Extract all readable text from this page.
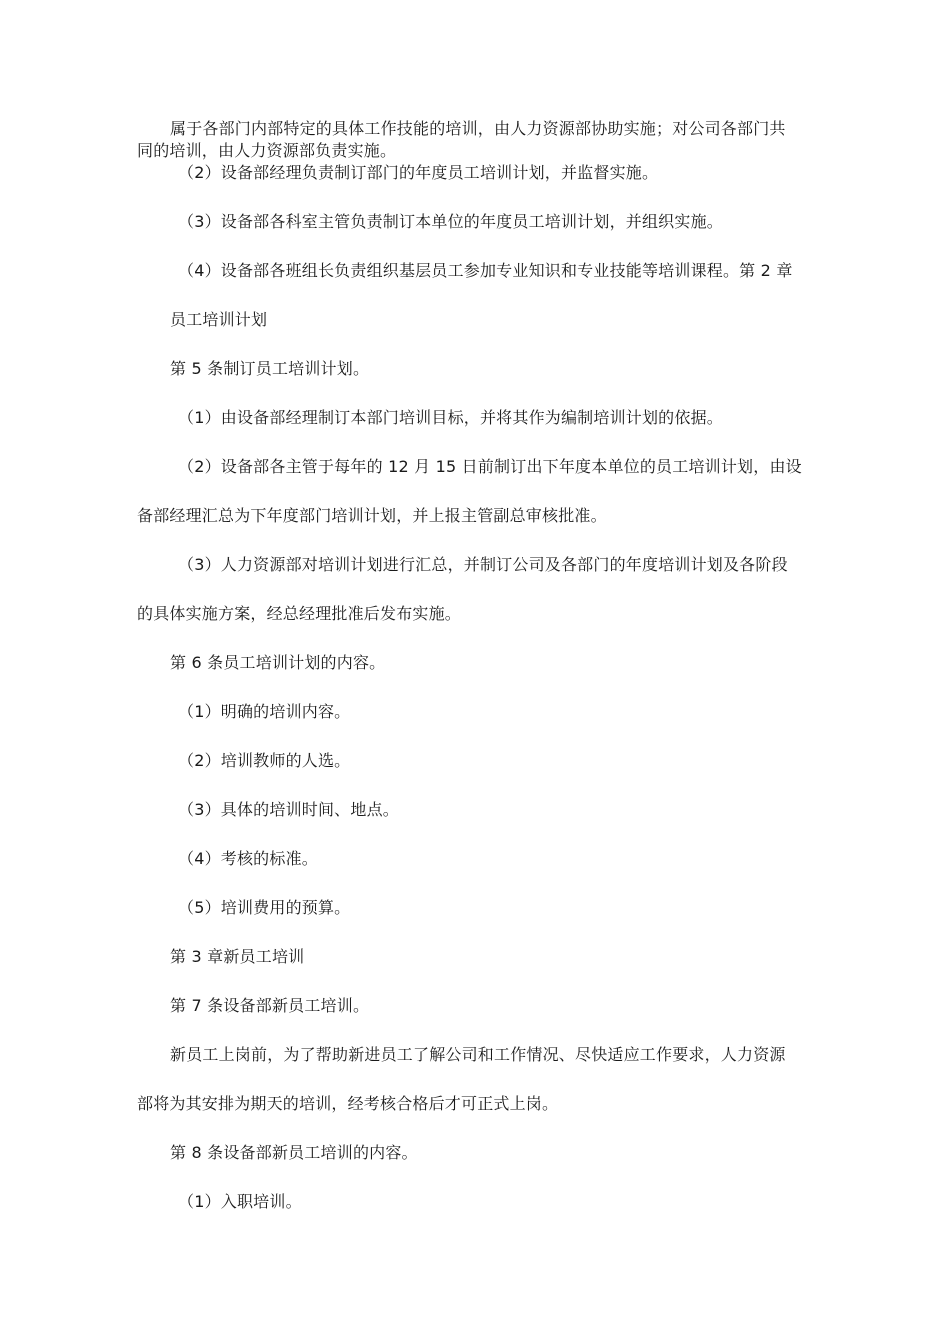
属于各部门内部特定的具体工作技能的培训，由人力资源部协助实施；对公司各部门共
同的培训，由人力资源部负责实施。
（2）设备部经理负责制订部门的年度员工培训计划，并监督实施。
（3）设备部各科室主管负责制订本单位的年度员工培训计划，并组织实施。
（4）设备部各班组长负责组织基层员工参加专业知识和专业技能等培训课程。第 2 章
员工培训计划
第 5 条制订员工培训计划。
（1）由设备部经理制订本部门培训目标，并将其作为编制培训计划的依据。
（2）设备部各主管于每年的 12 月 15 日前制订出下年度本单位的员工培训计划，由设
备部经理汇总为下年度部门培训计划，并上报主管副总审核批准。
（3）人力资源部对培训计划进行汇总，并制订公司及各部门的年度培训计划及各阶段
的具体实施方案，经总经理批准后发布实施。
第 6 条员工培训计划的内容。
（1）明确的培训内容。
（2）培训教师的人选。
（3）具体的培训时间、地点。
（4）考核的标准。
（5）培训费用的预算。
第 3 章新员工培训
第 7 条设备部新员工培训。
新员工上岗前，为了帮助新进员工了解公司和工作情况、尽快适应工作要求，人力资源
部将为其安排为期天的培训，经考核合格后才可正式上岗。
第 8 条设备部新员工培训的内容。
（1）入职培训。
